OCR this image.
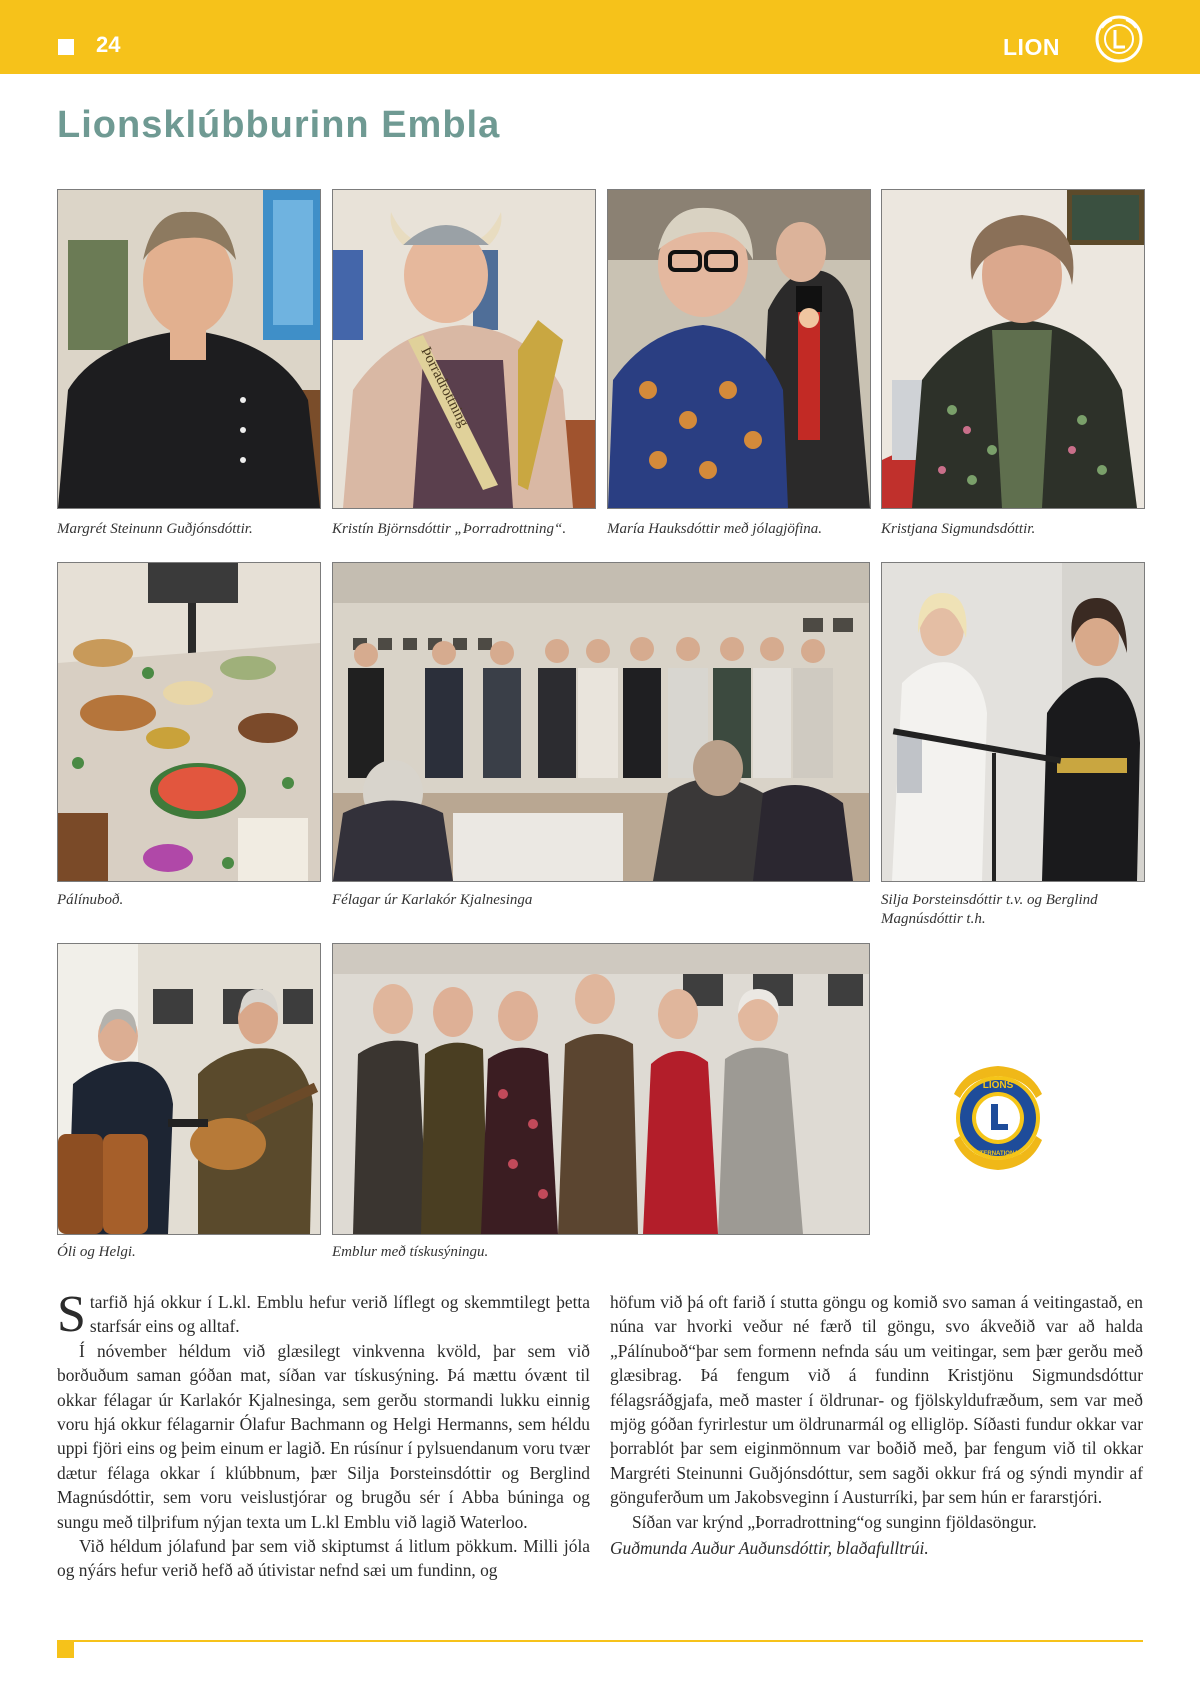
24	LION
Lionsklúbburinn Embla
Þorradrottning
Margrét Steinunn Guðjónsdóttir.	Kristín Björnsdóttir „Þorradrottning“.	María Hauksdóttir með jólagjöfina.	Kristjana Sigmundsdóttir.
Pálínuboð.	Félagar úr Karlakór Kjalnesinga	Silja Þorsteinsdóttir t.v. og Berglind Magnúsdóttir t.h.
LIONS
INTERNATIONAL
Óli og Helgi.	Emblur með tískusýningu.

Starfið hjá okkur í L.kl. Emblu hefur verið líflegt og skemmtilegt þetta starfsár eins og alltaf.

Í nóvember héldum við glæsilegt vinkvenna kvöld, þar sem við borðuðum saman góðan mat, síðan var tískusýning. Þá mættu óvænt til okkar félagar úr Karlakór Kjalnesinga, sem gerðu stormandi lukku einnig voru hjá okkur félagarnir Ólafur Bachmann og Helgi Hermanns, sem héldu uppi fjöri eins og þeim einum er lagið. En rúsínur í pylsuendanum voru tvær dætur félaga okkar í klúbbnum, þær Silja Þorsteinsdóttir og Berglind Magnúsdóttir, sem voru veislustjórar og brugðu sér í Abba búninga og sungu með tilþrifum nýjan texta um L.kl Emblu við lagið Waterloo.

Við héldum jólafund þar sem við skiptumst á litlum pökkum. Milli jóla og nýárs hefur verið hefð að útivistar nefnd sæi um fundinn, og

höfum við þá oft farið í stutta göngu og komið svo saman á veitingastað, en núna var hvorki veður né færð til göngu, svo ákveðið var að halda „Pálínuboð“þar sem formenn nefnda sáu um veitingar, sem þær gerðu með glæsibrag. Þá fengum við á fundinn Kristjönu Sigmundsdóttur félagsráðgjafa, með master í öldrunar- og fjölskyldufræðum, sem var með mjög góðan fyrirlestur um öldrunarmál og elliglöp. Síðasti fundur okkar var þorrablót þar sem eiginmönnum var boðið með, þar fengum við til okkar Margréti Steinunni Guðjónsdóttur, sem sagði okkur frá og sýndi myndir af gönguferðum um Jakobsveginn í Austurríki, þar sem hún er fararstjóri.

Síðan var krýnd „Þorradrottning“og sunginn fjöldasöngur.

Guðmunda Auður Auðunsdóttir, blaðafulltrúi.
